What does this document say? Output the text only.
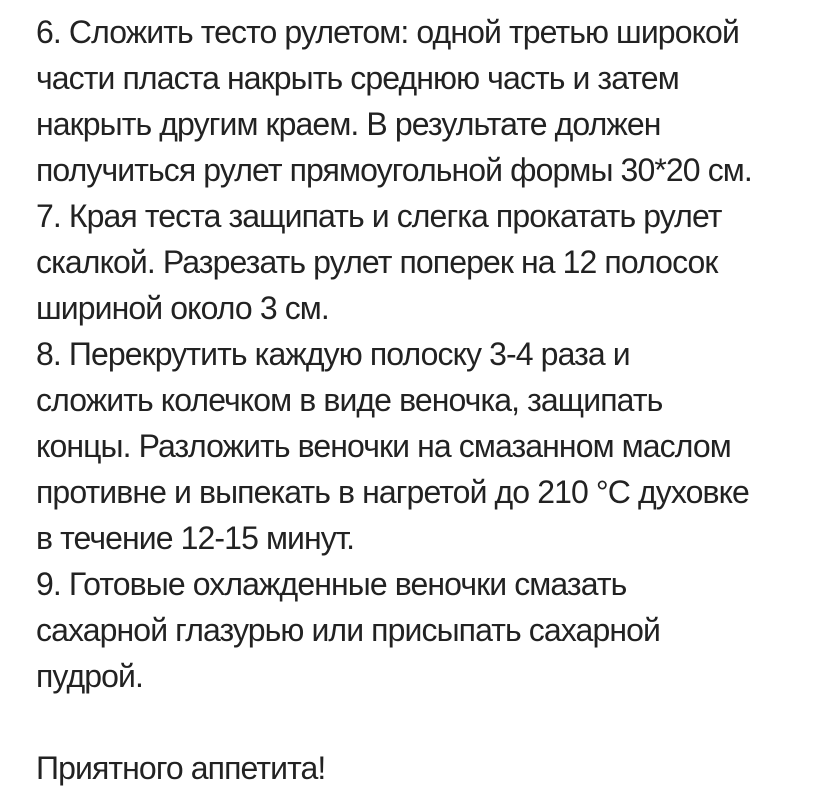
6. Сложить тесто рулетом: одной третью широкой

части пласта накрыть среднюю часть и затем

накрыть другим краем. В результате должен

получиться рулет прямоугольной формы 30*20 см.

7. Края теста защипать и слегка прокатать рулет

скалкой. Разрезать рулет поперек на 12 полосок

шириной около 3 см.

8. Перекрутить каждую полоску 3-4 раза и

сложить колечком в виде веночка, защипать

концы. Разложить веночки на смазанном маслом

противне и выпекать в нагретой до 210 °С духовке

в течение 12-15 минут.

9. Готовые охлажденные веночки смазать

сахарной глазурью или присыпать сахарной

пудрой.

Приятного аппетита!
